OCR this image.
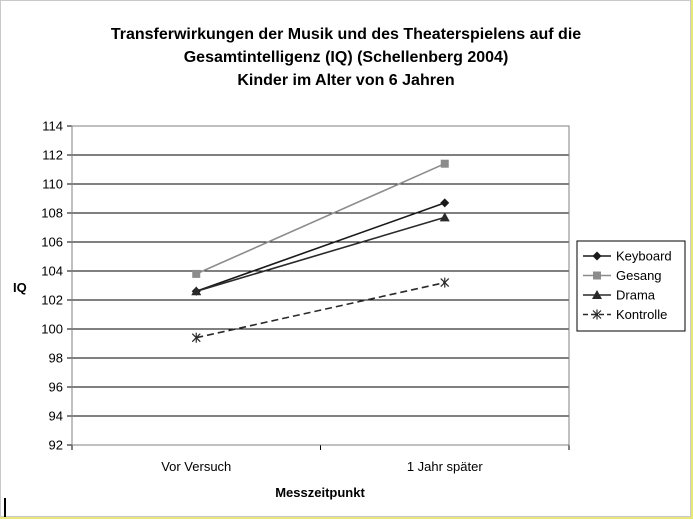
Transferwirkungen der Musik und des Theaterspielens auf die
Gesamtintelligenz (IQ) (Schellenberg 2004)
Kinder im Alter von 6 Jahren
92
94
96
98
100
102
104
106
108
110
112
114
Vor Versuch	1 Jahr später
IQ
Messzeitpunkt
Keyboard
Gesang
Drama
Kontrolle
